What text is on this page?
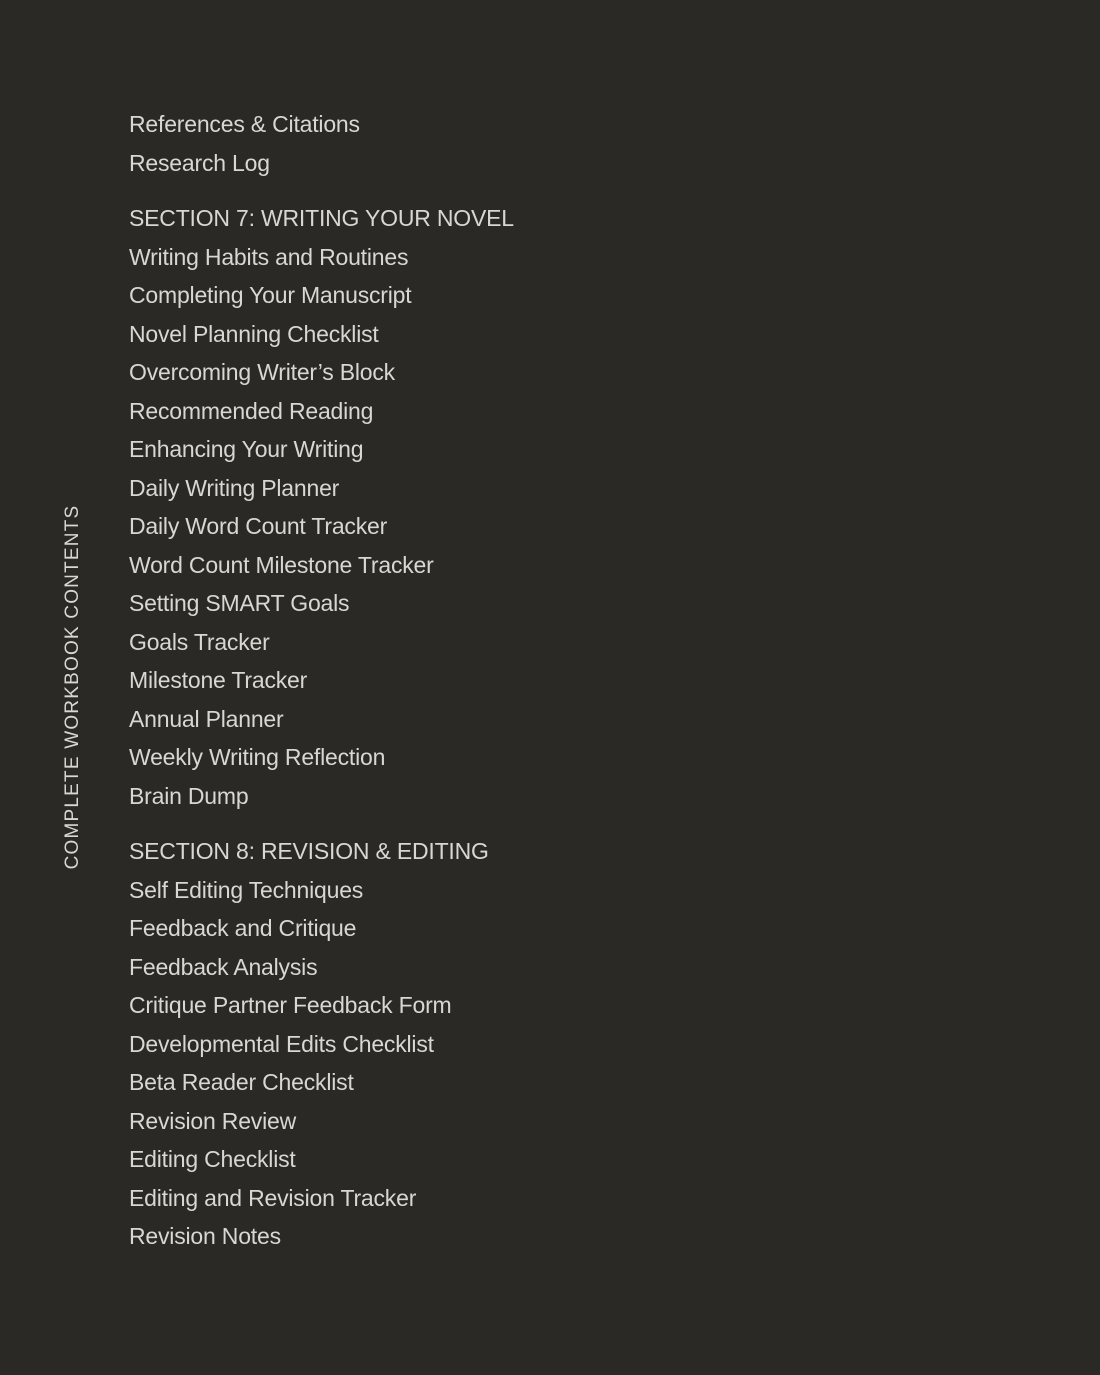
COMPLETE WORKBOOK CONTENTS
References & Citations
Research Log
SECTION 7: WRITING YOUR NOVEL
Writing Habits and Routines
Completing Your Manuscript
Novel Planning Checklist
Overcoming Writer’s Block
Recommended Reading
Enhancing Your Writing
Daily Writing Planner
Daily Word Count Tracker
Word Count Milestone Tracker
Setting SMART Goals
Goals Tracker
Milestone Tracker
Annual Planner
Weekly Writing Reflection
Brain Dump
SECTION 8: REVISION & EDITING
Self Editing Techniques
Feedback and Critique
Feedback Analysis
Critique Partner Feedback Form
Developmental Edits Checklist
Beta Reader Checklist
Revision Review
Editing Checklist
Editing and Revision Tracker
Revision Notes
